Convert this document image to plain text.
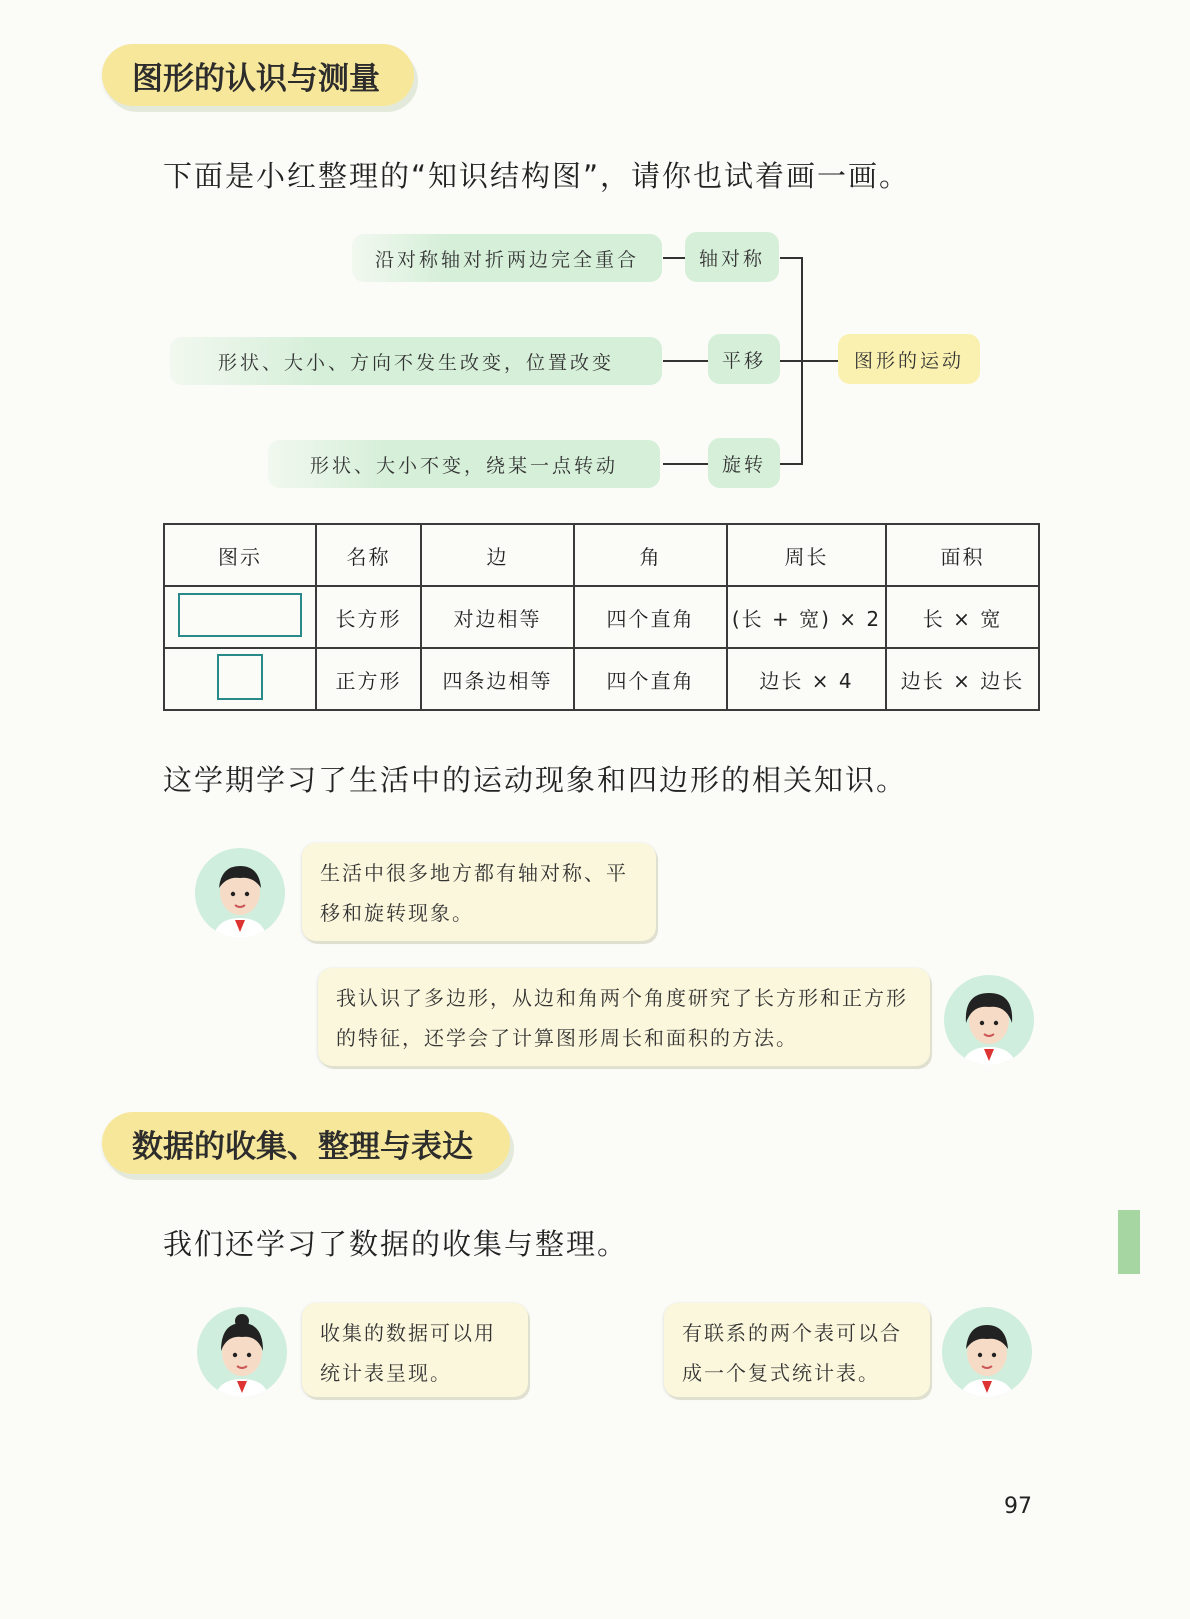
图形的认识与测量
下面是小红整理的“知识结构图”，请你也试着画一画。
沿对称轴对折两边完全重合	轴对称
形状、大小、方向不发生改变，位置改变	平移
形状、大小不变，绕某一点转动	旋转
图形的运动
图示	名称	边	角	周长	面积
	长方形	对边相等	四个直角	(长 + 宽) × 2	长 × 宽
	正方形	四条边相等	四个直角	边长 × 4	边长 × 边长
这学期学习了生活中的运动现象和四边形的相关知识。
生活中很多地方都有轴对称、平移和旋转现象。
我认识了多边形，从边和角两个角度研究了长方形和正方形的特征，还学会了计算图形周长和面积的方法。
数据的收集、整理与表达
我们还学习了数据的收集与整理。
收集的数据可以用统计表呈现。
有联系的两个表可以合成一个复式统计表。
97
